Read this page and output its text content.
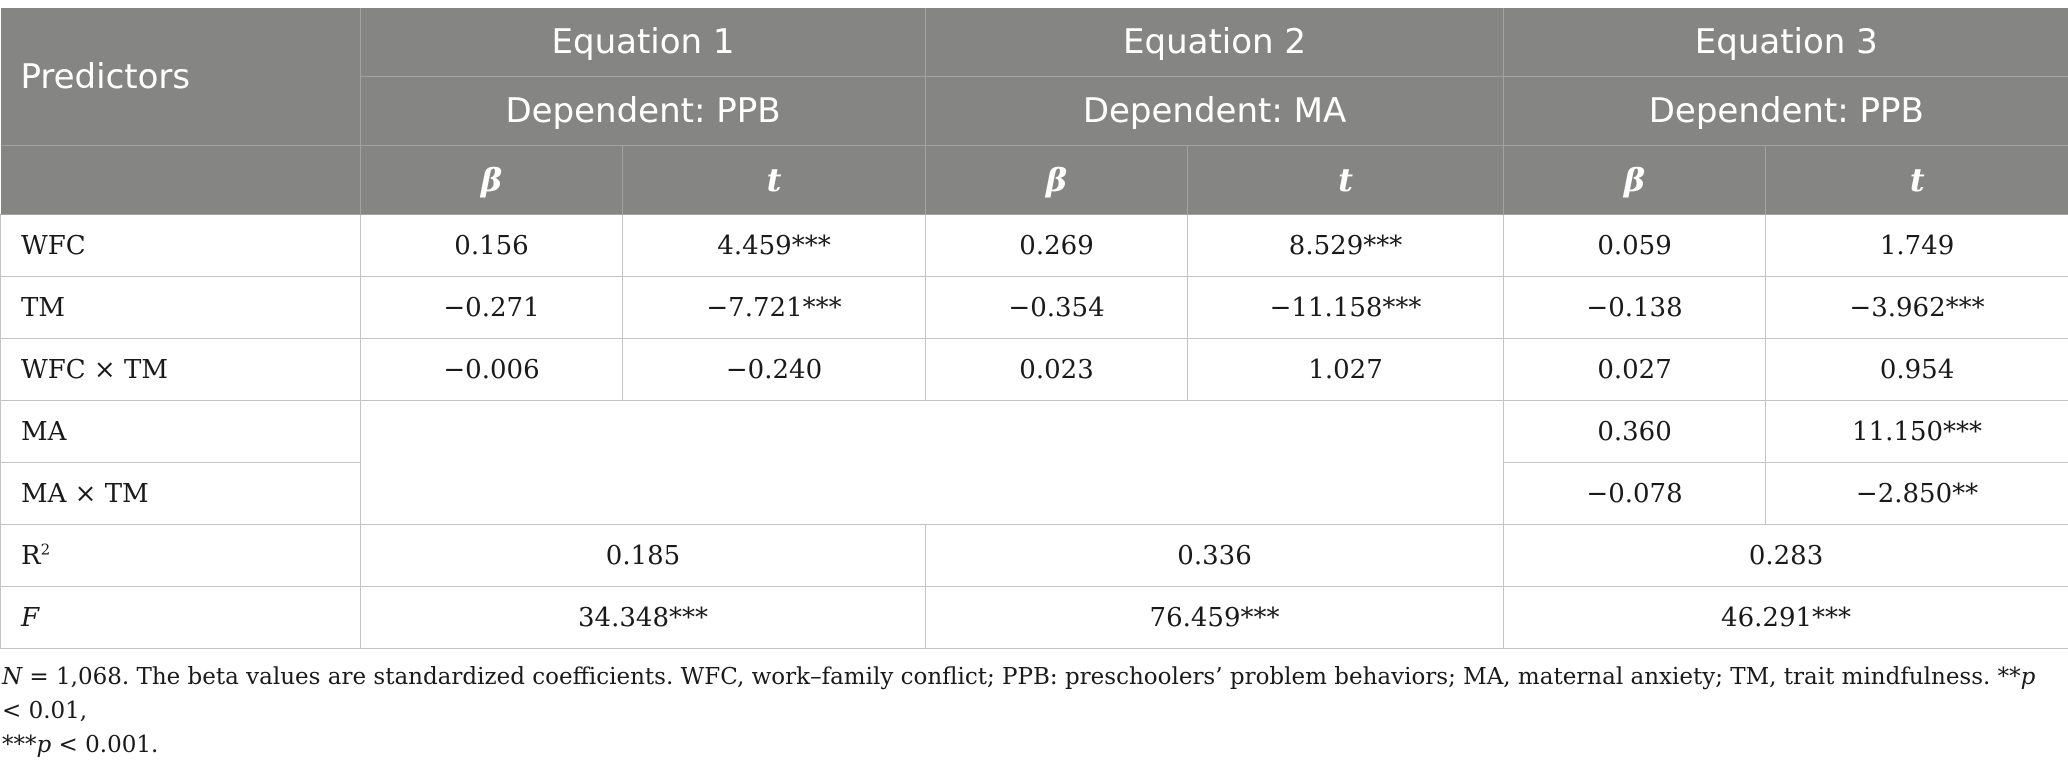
Predictors	Equation 1		Equation 2		Equation 3	
	Dependent: PPB		Dependent: MA		Dependent: PPB	
	β	t	β	t	β	t
WFC	0.156	4.459***	0.269	8.529***	0.059	1.749
TM	−0.271	−7.721***	−0.354	−11.158***	−0.138	−3.962***
WFC × TM	−0.006	−0.240	0.023	1.027	0.027	0.954
MA					0.360	11.150***
MA × TM					−0.078	−2.850**
$R^2$	0.185		0.336		0.283	
F	34.348***		76.459***		46.291***	
N = 1,068. The beta values are standardized coefficients. WFC, work–family conflict; PPB: preschoolers’ problem behaviors; MA, maternal anxiety; TM, trait mindfulness. **p < 0.01,
***p < 0.001.
